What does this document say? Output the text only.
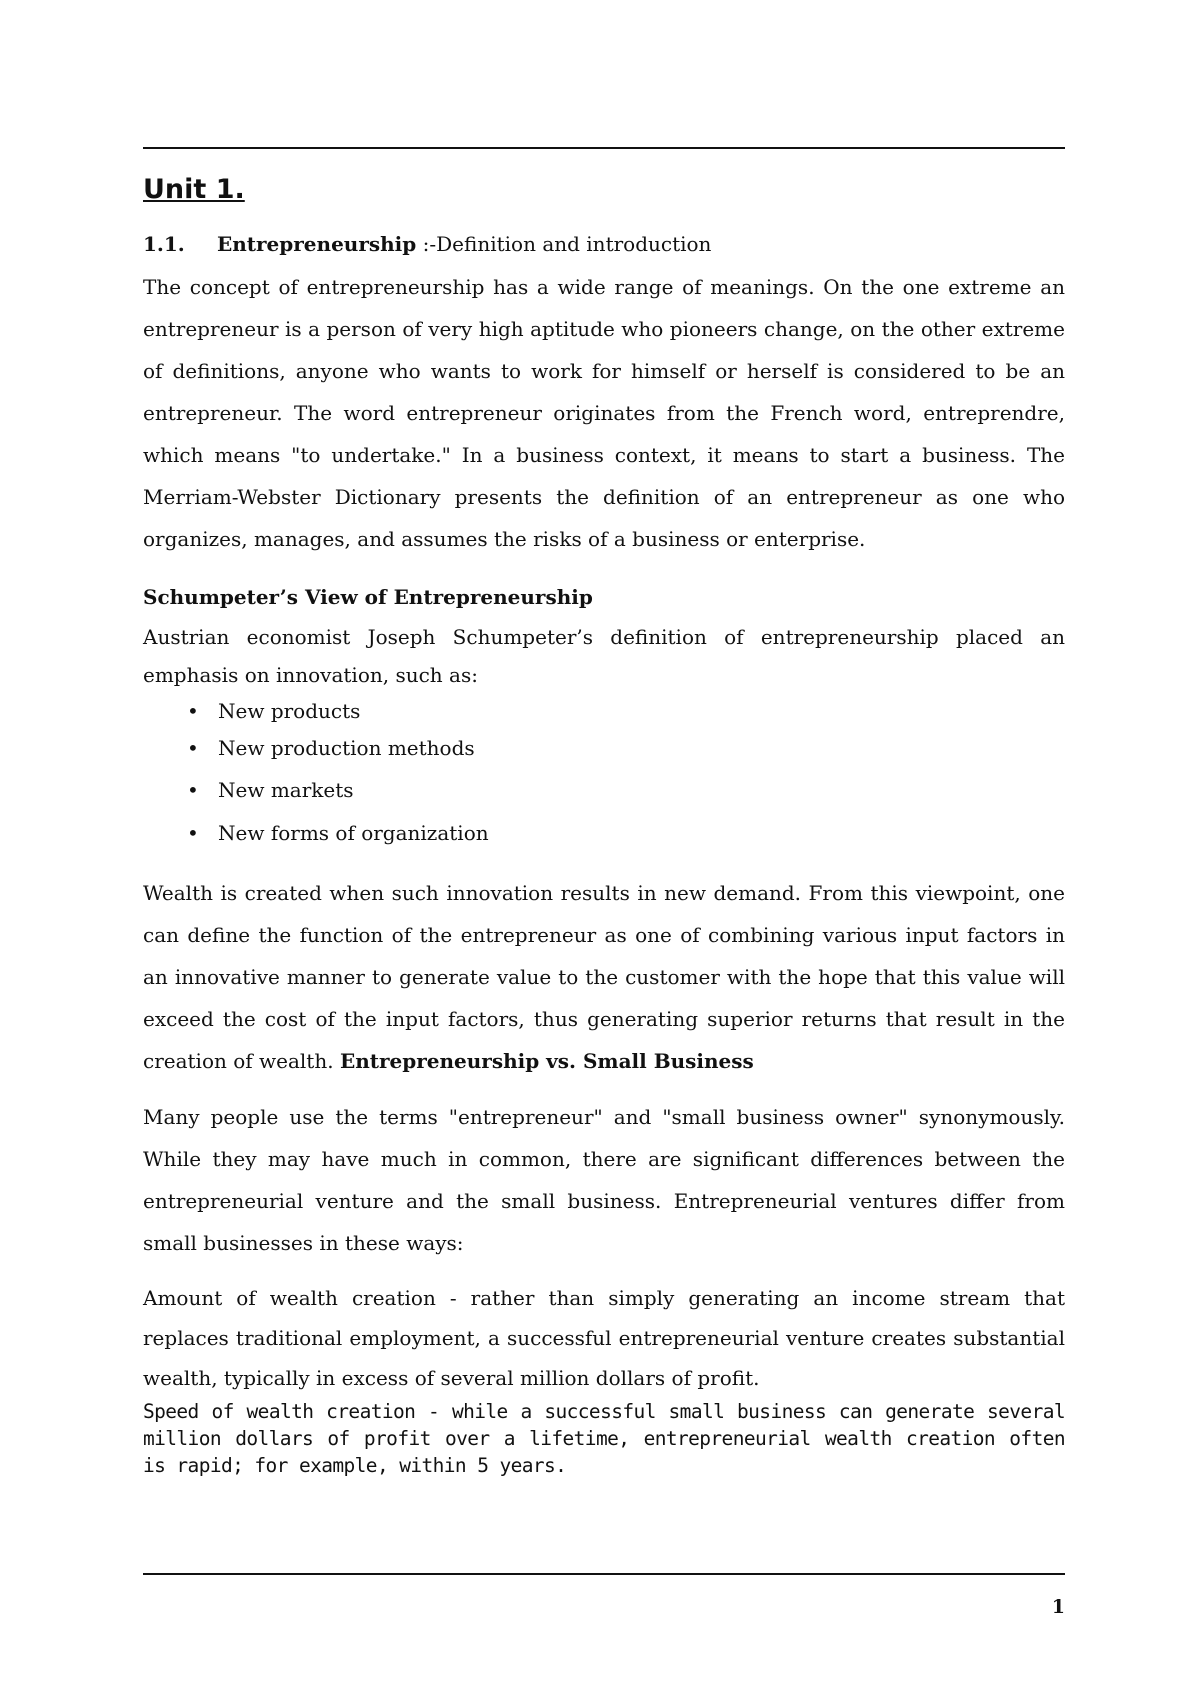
Unit 1.
1.1.	Entrepreneurship :-Definition and introduction

The concept of entrepreneurship has a wide range of meanings. On the one extreme an entrepreneur is a person of very high aptitude who pioneers change, on the other extreme of definitions, anyone who wants to work for himself or herself is considered to be an entrepreneur. The word entrepreneur originates from the French word, entreprendre, which means "to undertake." In a business context, it means to start a business. The Merriam-Webster Dictionary presents the definition of an entrepreneur as one who organizes, manages, and assumes the risks of a business or enterprise.

Schumpeter’s View of Entrepreneurship

Austrian economist Joseph Schumpeter’s definition of entrepreneurship placed an emphasis on innovation, such as:

• New products
• New production methods
• New markets
• New forms of organization

Wealth is created when such innovation results in new demand. From this viewpoint, one can define the function of the entrepreneur as one of combining various input factors in an innovative manner to generate value to the customer with the hope that this value will exceed the cost of the input factors, thus generating superior returns that result in the creation of wealth. Entrepreneurship vs. Small Business

Many people use the terms "entrepreneur" and "small business owner" synonymously. While they may have much in common, there are significant differences between the entrepreneurial venture and the small business. Entrepreneurial ventures differ from small businesses in these ways:

Amount of wealth creation - rather than simply generating an income stream that replaces traditional employment, a successful entrepreneurial venture creates substantial wealth, typically in excess of several million dollars of profit.

Speed of wealth creation - while a successful small business can generate several million dollars of profit over a lifetime, entrepreneurial wealth creation often is rapid; for example, within 5 years.

1
